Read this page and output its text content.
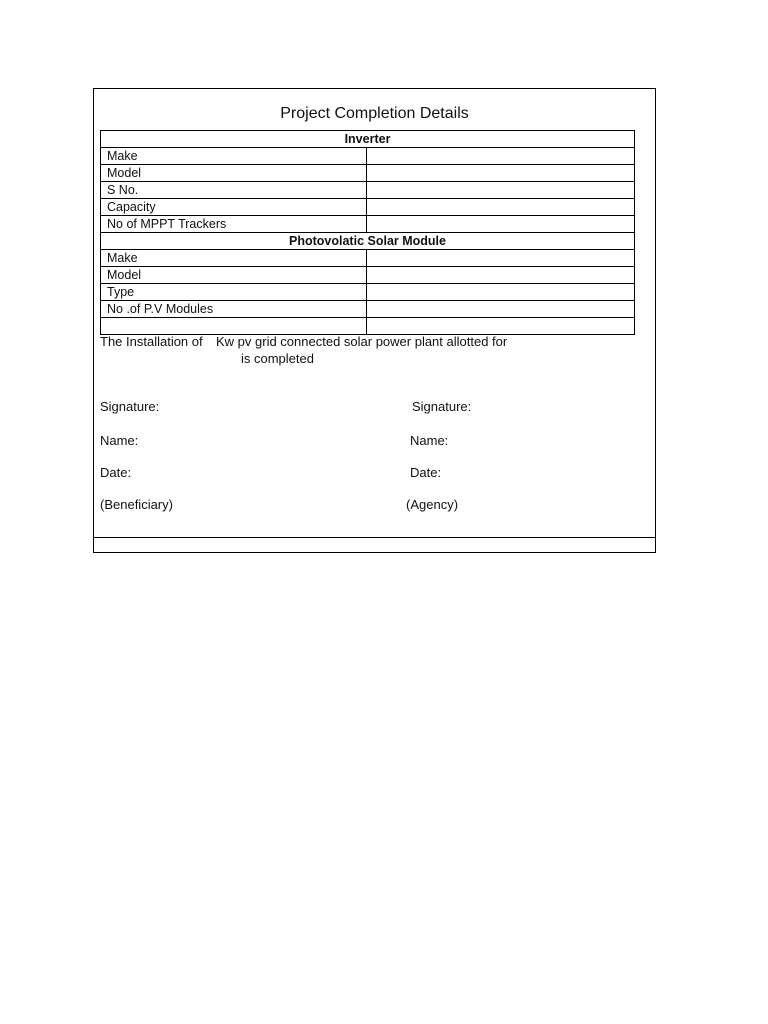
Project Completion Details
Inverter	
Make	
Model	
S No.	
Capacity	
No of MPPT Trackers	
Photovolatic Solar Module	
Make	
Model	
Type	
No .of P.V Modules	

The Installation of Kw pv grid connected solar power plant allotted for
is completed
Signature:	Signature:
Name:	Name:
Date:	Date:
(Beneficiary)	(Agency)
